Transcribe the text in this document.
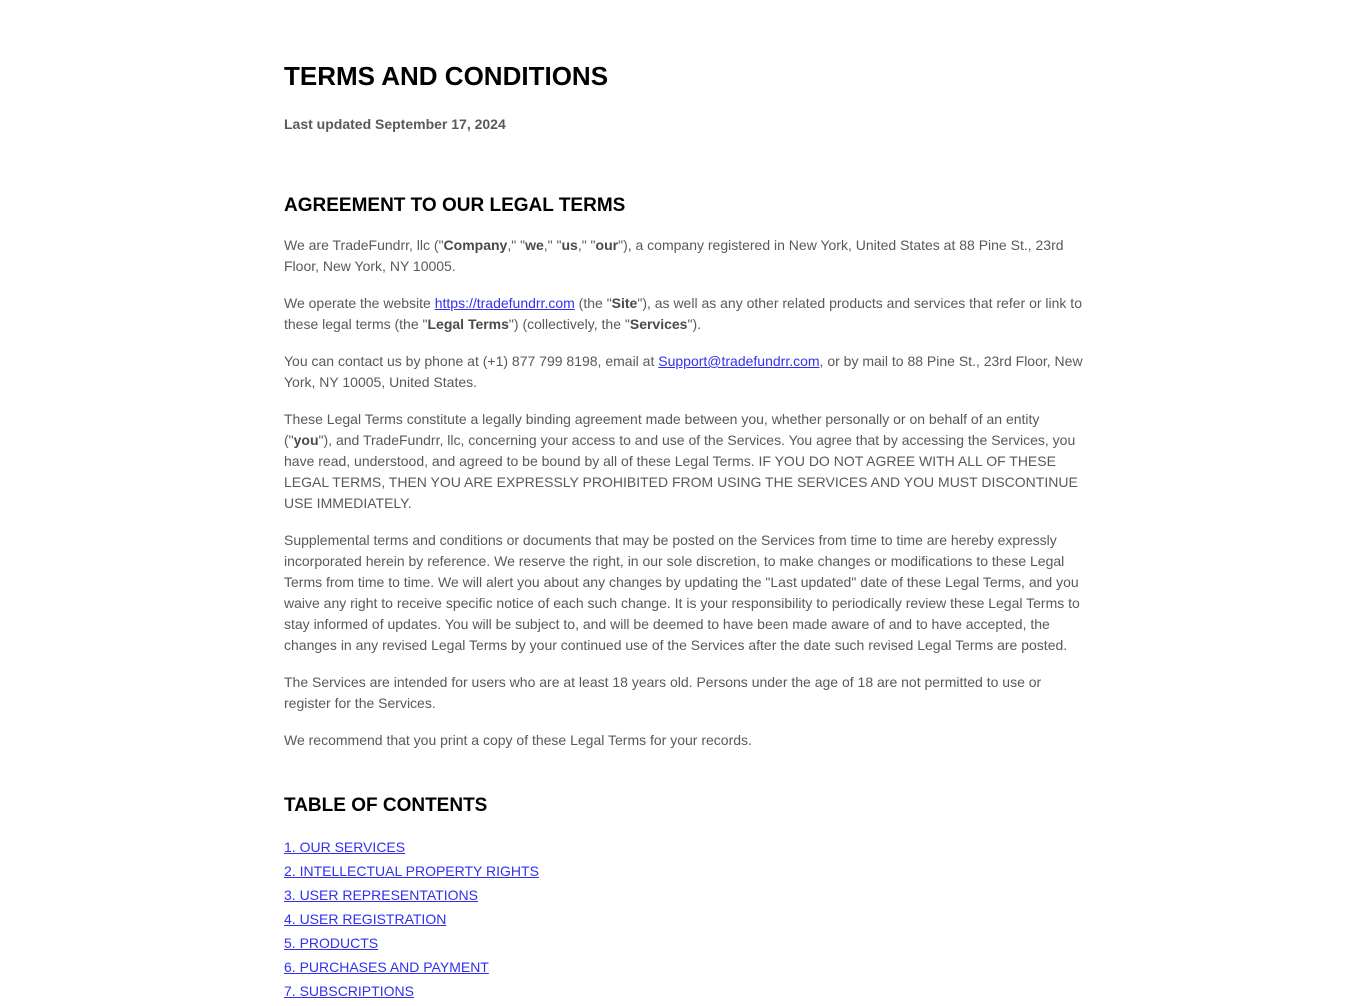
TERMS AND CONDITIONS
Last updated September 17, 2024
AGREEMENT TO OUR LEGAL TERMS

We are TradeFundrr, llc ("Company," "we," "us," "our"), a company registered in New York, United States at 88 Pine St., 23rd Floor, New York, NY 10005.

We operate the website https://tradefundrr.com (the "Site"), as well as any other related products and services that refer or link to these legal terms (the "Legal Terms") (collectively, the "Services").

You can contact us by phone at (+1) 877 799 8198, email at Support@tradefundrr.com, or by mail to 88 Pine St., 23rd Floor, New York, NY 10005, United States.

These Legal Terms constitute a legally binding agreement made between you, whether personally or on behalf of an entity ("you"), and TradeFundrr, llc, concerning your access to and use of the Services. You agree that by accessing the Services, you have read, understood, and agreed to be bound by all of these Legal Terms. IF YOU DO NOT AGREE WITH ALL OF THESE LEGAL TERMS, THEN YOU ARE EXPRESSLY PROHIBITED FROM USING THE SERVICES AND YOU MUST DISCONTINUE USE IMMEDIATELY.

Supplemental terms and conditions or documents that may be posted on the Services from time to time are hereby expressly incorporated herein by reference. We reserve the right, in our sole discretion, to make changes or modifications to these Legal Terms from time to time. We will alert you about any changes by updating the "Last updated" date of these Legal Terms, and you waive any right to receive specific notice of each such change. It is your responsibility to periodically review these Legal Terms to stay informed of updates. You will be subject to, and will be deemed to have been made aware of and to have accepted, the changes in any revised Legal Terms by your continued use of the Services after the date such revised Legal Terms are posted.

The Services are intended for users who are at least 18 years old. Persons under the age of 18 are not permitted to use or register for the Services.

We recommend that you print a copy of these Legal Terms for your records.

TABLE OF CONTENTS
1. OUR SERVICES
2. INTELLECTUAL PROPERTY RIGHTS
3. USER REPRESENTATIONS
4. USER REGISTRATION
5. PRODUCTS
6. PURCHASES AND PAYMENT
7. SUBSCRIPTIONS
